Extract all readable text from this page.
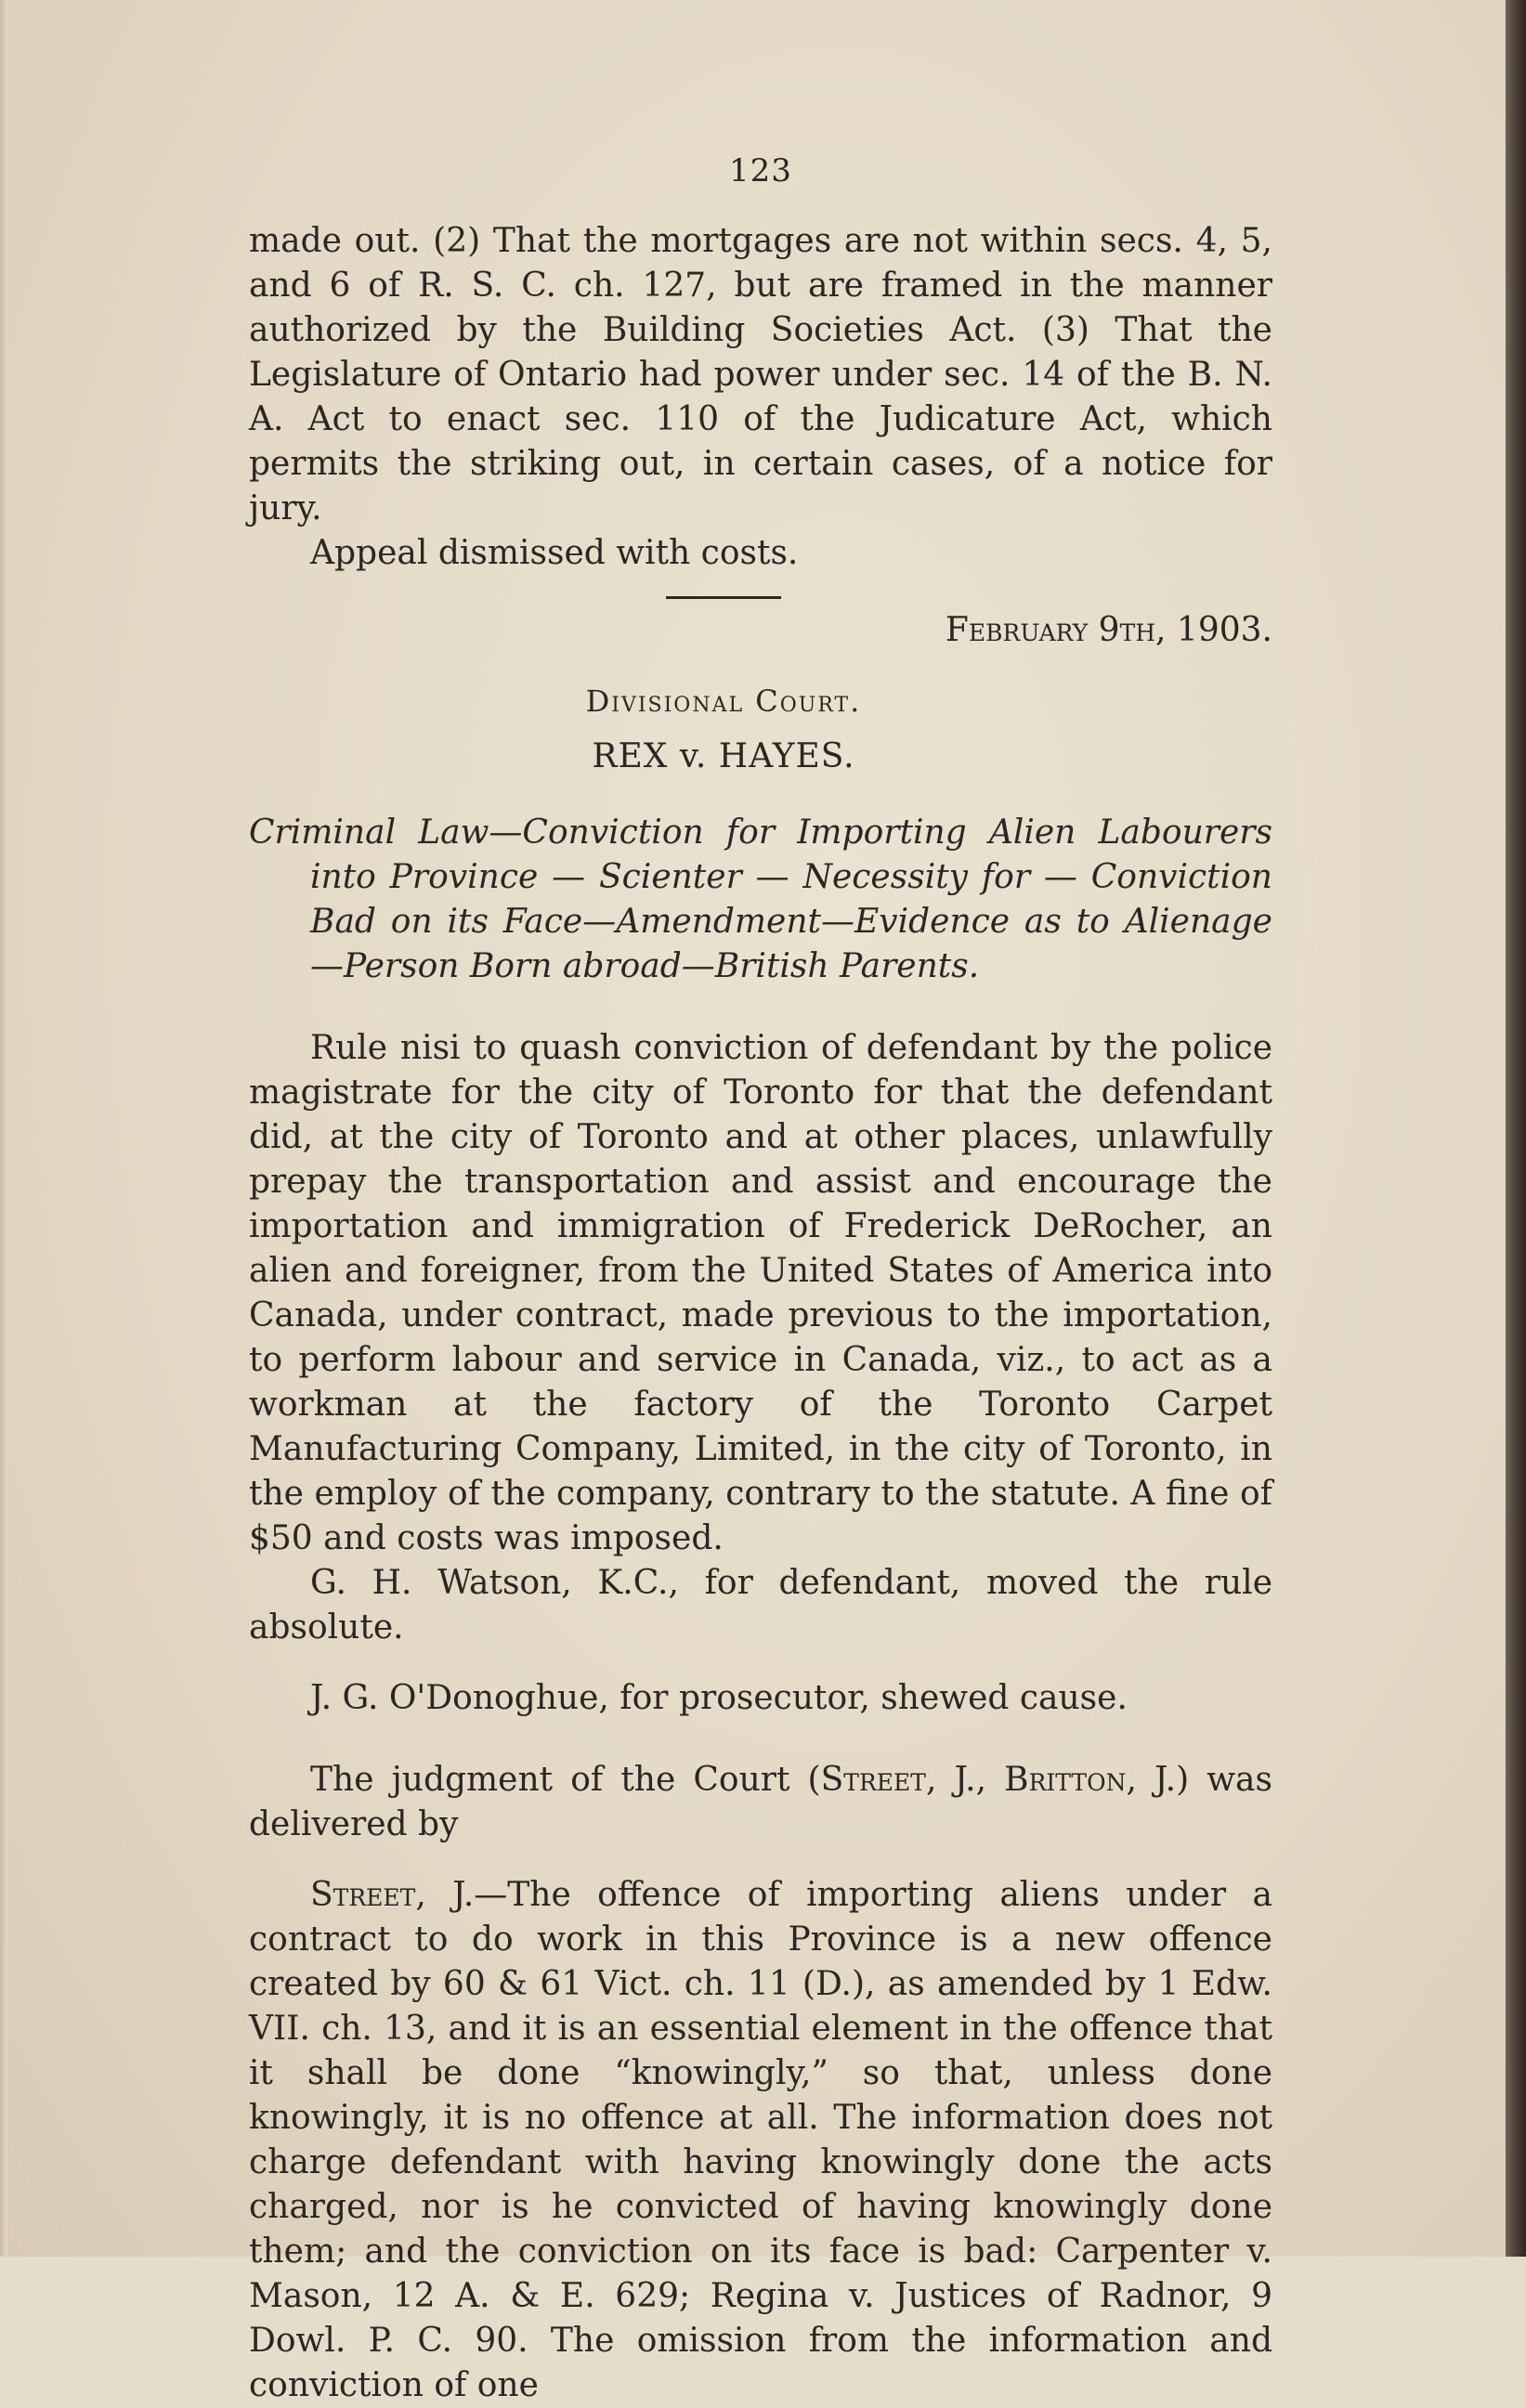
123

made out. (2) That the mortgages are not within secs. 4, 5, and 6 of R. S. C. ch. 127, but are framed in the manner authorized by the Building Societies Act. (3) That the Legislature of Ontario had power under sec. 14 of the B. N. A. Act to enact sec. 110 of the Judicature Act, which permits the striking out, in certain cases, of a notice for jury.

Appeal dismissed with costs.

February 9th, 1903.
Divisional Court.
REX v. HAYES.

Criminal Law—Conviction for Importing Alien Labourers into Province — Scienter — Necessity for — Conviction Bad on its Face—Amendment—Evidence as to Alienage—Person Born abroad—British Parents.

Rule nisi to quash conviction of defendant by the police magistrate for the city of Toronto for that the defendant did, at the city of Toronto and at other places, unlawfully prepay the transportation and assist and encourage the importation and immigration of Frederick DeRocher, an alien and foreigner, from the United States of America into Canada, under contract, made previous to the importation, to perform labour and service in Canada, viz., to act as a workman at the factory of the Toronto Carpet Manufacturing Company, Limited, in the city of Toronto, in the employ of the company, contrary to the statute. A fine of $50 and costs was imposed.

G. H. Watson, K.C., for defendant, moved the rule absolute.

J. G. O'Donoghue, for prosecutor, shewed cause.

The judgment of the Court (Street, J., Britton, J.) was delivered by

Street, J.—The offence of importing aliens under a contract to do work in this Province is a new offence created by 60 & 61 Vict. ch. 11 (D.), as amended by 1 Edw. VII. ch. 13, and it is an essential element in the offence that it shall be done “knowingly,” so that, unless done knowingly, it is no offence at all. The information does not charge defendant with having knowingly done the acts charged, nor is he convicted of having knowingly done them; and the conviction on its face is bad: Carpenter v. Mason, 12 A. & E. 629; Regina v. Justices of Radnor, 9 Dowl. P. C. 90. The omission from the information and conviction of one
